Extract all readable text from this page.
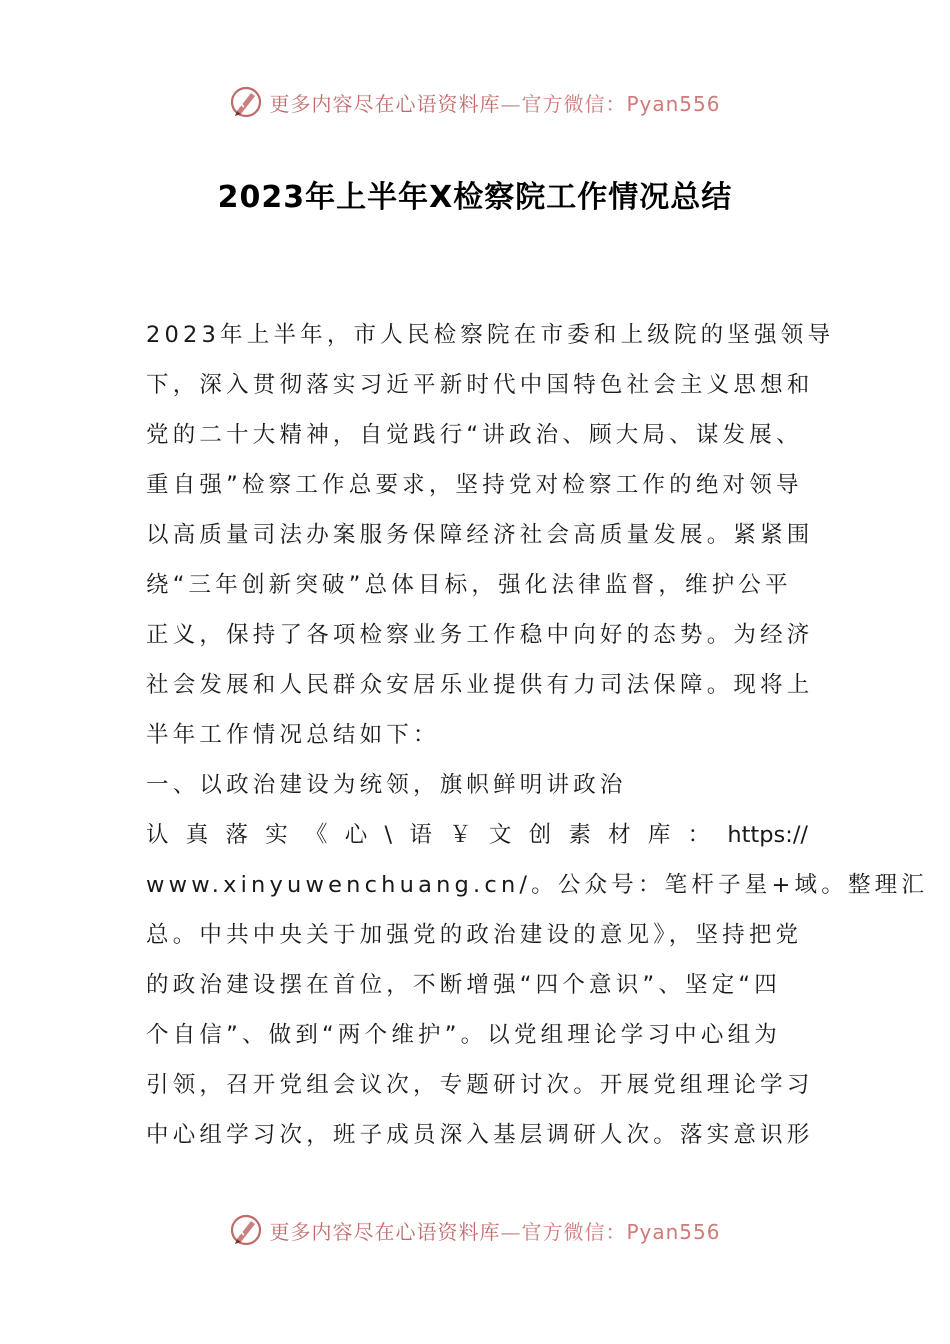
更多内容尽在心语资料库—官方微信：Pyan556
2023年上半年X检察院工作情况总结
2023年上半年，市人民检察院在市委和上级院的坚强领导
下，深入贯彻落实习近平新时代中国特色社会主义思想和
党的二十大精神，自觉践行“讲政治、顾大局、谋发展、
重自强”检察工作总要求，坚持党对检察工作的绝对领导
以高质量司法办案服务保障经济社会高质量发展。紧紧围
绕“三年创新突破”总体目标，强化法律监督，维护公平
正义，保持了各项检察业务工作稳中向好的态势。为经济
社会发展和人民群众安居乐业提供有力司法保障。现将上
半年工作情况总结如下：
一、以政治建设为统领，旗帜鲜明讲政治
认 真 落 实 《 心 \ 语 ￥ 文 创 素 材 库 ： https://
www.xinyuwenchuang.cn/。公众号：笔杆子星+域。整理汇
总。中共中央关于加强党的政治建设的意见》，坚持把党
的政治建设摆在首位，不断增强“四个意识”、坚定“四
个自信”、做到“两个维护”。以党组理论学习中心组为
引领，召开党组会议次，专题研讨次。开展党组理论学习
中心组学习次，班子成员深入基层调研人次。落实意识形
更多内容尽在心语资料库—官方微信：Pyan556
